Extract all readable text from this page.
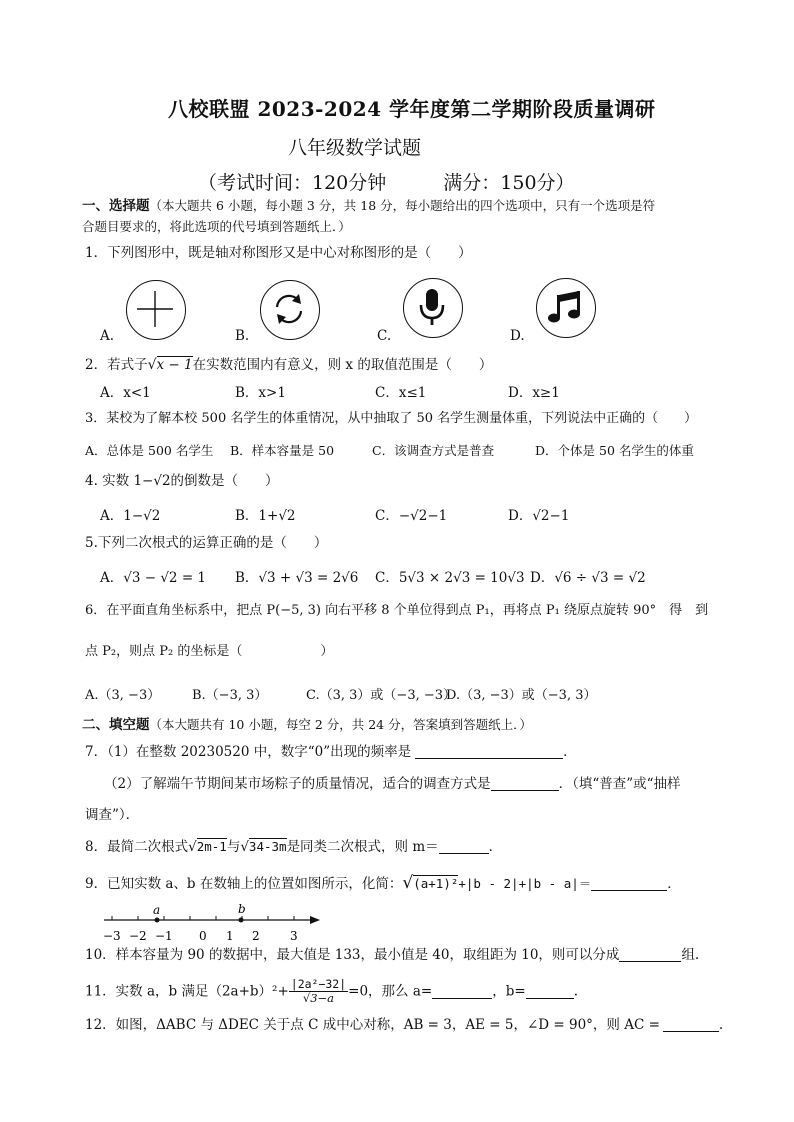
八校联盟 2023-2024 学年度第二学期阶段质量调研
八年级数学试题
（考试时间：120分钟　　　满分：150分）
一、选择题（本大题共 6 小题，每小题 3 分，共 18 分，每小题给出的四个选项中，只有一个选项是符
合题目要求的，将此选项的代号填到答题纸上．）
1．下列图形中，既是轴对称图形又是中心对称图形的是（　　）
A.	B.	C.	D.
2．若式子√x − 1在实数范围内有意义，则 x 的取值范围是（　　）
A．x<1	B．x>1	C．x≤1	D．x≥1
3．某校为了解本校 500 名学生的体重情况，从中抽取了 50 名学生测量体重，下列说法中正确的（　　）
A．总体是 500 名学生 B．样本容量是 50	C．该调查方式是普查	D．个体是 50 名学生的体重
4. 实数 1−√2的倒数是（　　）
A．1−√2	B．1+√2	C．−√2−1	D．√2−1
5.下列二次根式的运算正确的是（　　）
A．√3 − √2 = 1 B．√3 + √3 = 2√6 C．5√3 × 2√3 = 10√3 D．√6 ÷ √3 = √2
6．在平面直角坐标系中，把点 P(−5, 3) 向右平移 8 个单位得到点 P₁，再将点 P₁ 绕原点旋转 90°　得　到
点 P₂，则点 P₂ 的坐标是（　　　　　　）
A.（3, −3） B.（−3, 3）	C.（3, 3）或（−3, −3）
D.（3, −3）或（−3, 3）
二、填空题（本大题共有 10 小题，每空 2 分，共 24 分，答案填到答题纸上．）
7．（1）在整数 20230520 中，数字“0”出现的频率是	．
（2）了解端午节期间某市场粽子的质量情况，适合的调查方式是	．（填“普查”或“抽样
调查”）．
8．最简二次根式√2m-1与√34-3m是同类二次根式，则 m＝	．
9．已知实数 a、b 在数轴上的位置如图所示，化简：√(a+1)²+|b - 2|+|b - a|＝	．
a	b
−3 −2 −1 0 1 2	3
10．样本容量为 90 的数据中，最大值是 133，最小值是 40，取组距为 10，则可以分成	组.
11．实数 a，b 满足$(2a+b)^2+ \frac{\text{|2a²−32|}}{√3-a} =0$，那么 a=	，b=	.
12．如图，ΔABC 与 ΔDEC 关于点 C 成中心对称，AB = 3，AE = 5，∠D = 90°，则 AC =	.
